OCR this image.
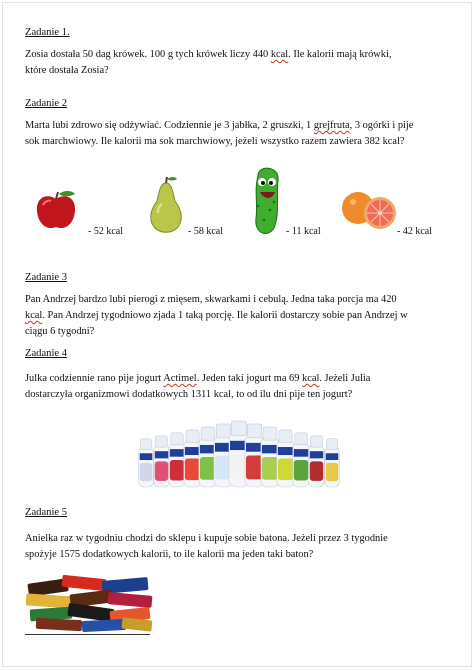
Zadanie 1.
Zosia dostała 50 dag krówek. 100 g tych krówek liczy 440 kcal. Ile kalorii mają krówki,
które dostała Zosia?
Zadanie 2
Marta lubi zdrowo się odżywiać. Codziennie je 3 jabłka, 2 gruszki, 1 grejfruta, 3 ogórki i pije
sok marchwiowy. Ile kalorii ma sok marchwiowy, jeżeli wszystko razem zawiera 382 kcal?
- 52 kcal	- 58 kcal	- 11 kcal	- 42 kcal
Zadanie 3
Pan Andrzej bardzo lubi pierogi z mięsem, skwarkami i cebulą. Jedna taka porcja ma 420
kcal. Pan Andrzej tygodniowo zjada 1 taką porcję. Ile kalorii dostarczy sobie pan Andrzej w
ciągu 6 tygodni?
Zadanie 4
Julka codziennie rano pije jogurt Actimel. Jeden taki jogurt ma 69 kcal. Jeżeli Julia
dostarczyła organizmowi dodatkowych 1311 kcal, to od ilu dni pije ten jogurt?
Zadanie 5
Anielka raz w tygodniu chodzi do sklepu i kupuje sobie batona. Jeżeli przez 3 tygodnie
spożyje 1575 dodatkowych kalorii, to ile kalorii ma jeden taki baton?
